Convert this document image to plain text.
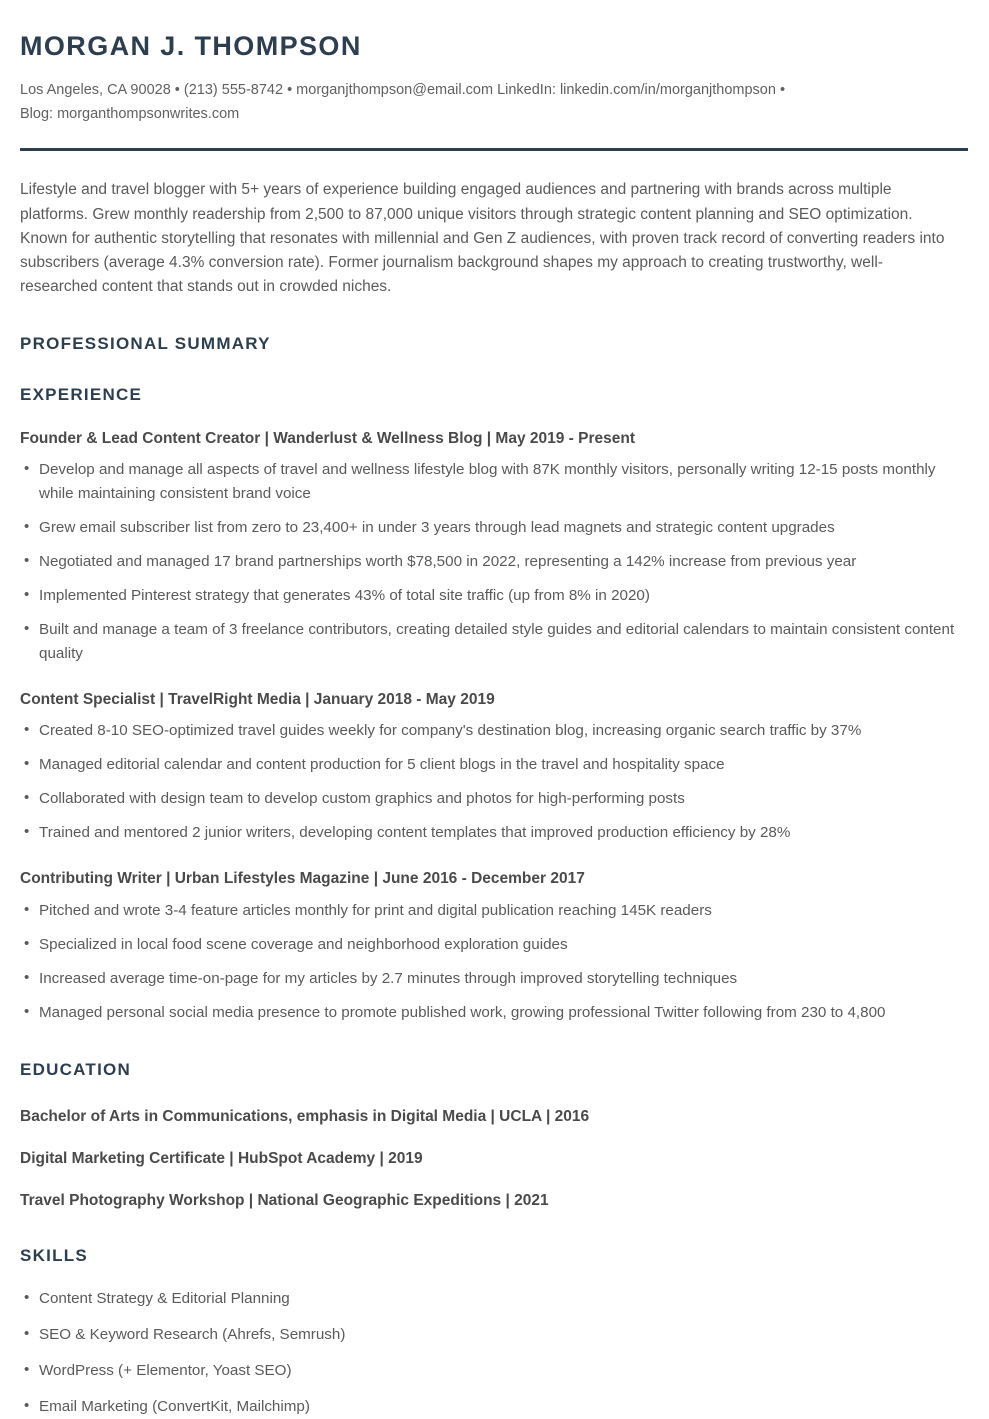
MORGAN J. THOMPSON

Los Angeles, CA 90028 • (213) 555-8742 • morganjthompson@email.com LinkedIn: linkedin.com/in/morganjthompson • Blog: morganthompsonwrites.com

Lifestyle and travel blogger with 5+ years of experience building engaged audiences and partnering with brands across multiple platforms. Grew monthly readership from 2,500 to 87,000 unique visitors through strategic content planning and SEO optimization. Known for authentic storytelling that resonates with millennial and Gen Z audiences, with proven track record of converting readers into subscribers (average 4.3% conversion rate). Former journalism background shapes my approach to creating trustworthy, well-researched content that stands out in crowded niches.

PROFESSIONAL SUMMARY
EXPERIENCE
Founder & Lead Content Creator | Wanderlust & Wellness Blog | May 2019 - Present
• Develop and manage all aspects of travel and wellness lifestyle blog with 87K monthly visitors, personally writing 12-15 posts monthly while maintaining consistent brand voice
• Grew email subscriber list from zero to 23,400+ in under 3 years through lead magnets and strategic content upgrades
• Negotiated and managed 17 brand partnerships worth $78,500 in 2022, representing a 142% increase from previous year
• Implemented Pinterest strategy that generates 43% of total site traffic (up from 8% in 2020)
• Built and manage a team of 3 freelance contributors, creating detailed style guides and editorial calendars to maintain consistent content quality
Content Specialist | TravelRight Media | January 2018 - May 2019
• Created 8-10 SEO-optimized travel guides weekly for company's destination blog, increasing organic search traffic by 37%
• Managed editorial calendar and content production for 5 client blogs in the travel and hospitality space
• Collaborated with design team to develop custom graphics and photos for high-performing posts
• Trained and mentored 2 junior writers, developing content templates that improved production efficiency by 28%
Contributing Writer | Urban Lifestyles Magazine | June 2016 - December 2017
• Pitched and wrote 3-4 feature articles monthly for print and digital publication reaching 145K readers
• Specialized in local food scene coverage and neighborhood exploration guides
• Increased average time-on-page for my articles by 2.7 minutes through improved storytelling techniques
• Managed personal social media presence to promote published work, growing professional Twitter following from 230 to 4,800
EDUCATION

Bachelor of Arts in Communications, emphasis in Digital Media | UCLA | 2016

Digital Marketing Certificate | HubSpot Academy | 2019

Travel Photography Workshop | National Geographic Expeditions | 2021

SKILLS
• Content Strategy & Editorial Planning
• SEO & Keyword Research (Ahrefs, Semrush)
• WordPress (+ Elementor, Yoast SEO)
• Email Marketing (ConvertKit, Mailchimp)
